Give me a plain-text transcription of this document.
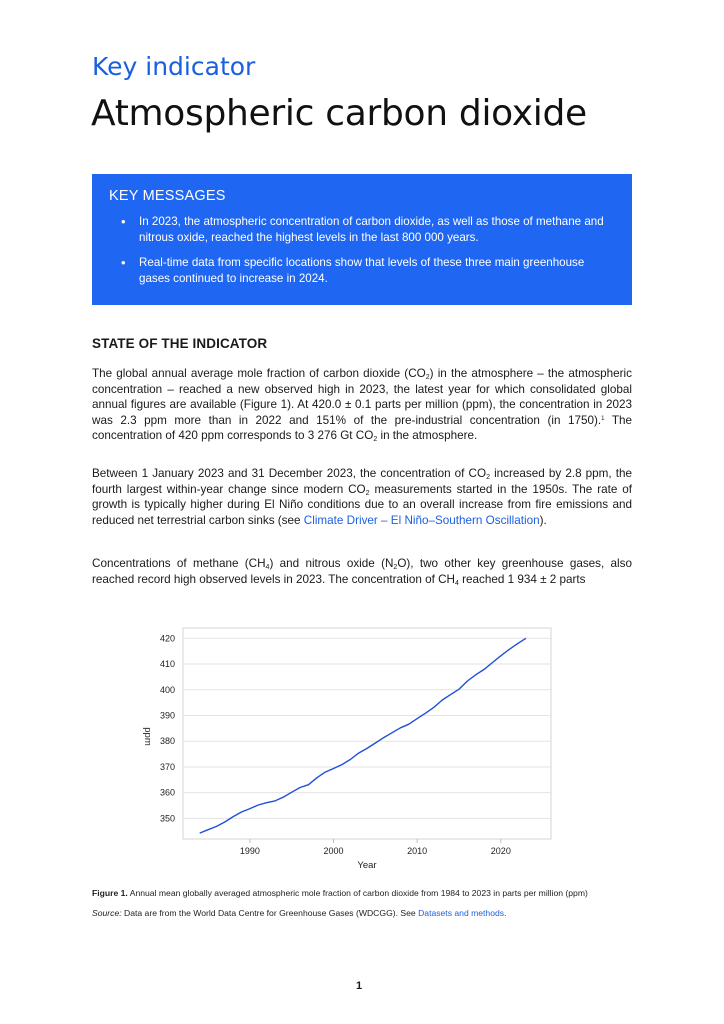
Key indicator
Atmospheric carbon dioxide
KEY MESSAGES
• In 2023, the atmospheric concentration of carbon dioxide, as well as those of methane and nitrous oxide, reached the highest levels in the last 800 000 years.
• Real-time data from specific locations show that levels of these three main greenhouse gases continued to increase in 2024.
STATE OF THE INDICATOR

The global annual average mole fraction of carbon dioxide $(CO_2)$ in the atmosphere – the atmospheric concentration – reached a new observed high in 2023, the latest year for which consolidated global annual figures are available (Figure 1). At 420.0 ± 0.1 parts per million (ppm), the concentration in 2023 was 2.3 ppm more than in 2022 and 151% of the pre-industrial concentration (in 1750).$^1$ The concentration of 420 ppm corresponds to 3 276 Gt $CO_2$ in the atmosphere.

Between 1 January 2023 and 31 December 2023, the concentration of $CO_2$ increased by 2.8 ppm, the fourth largest within-year change since modern $CO_2$ measurements started in the 1950s. The rate of growth is typically higher during El Niño conditions due to an overall increase from fire emissions and reduced net terrestrial carbon sinks (see Climate Driver – El Niño–Southern Oscillation).

Concentrations of methane $(CH_4)$ and nitrous oxide $(N_2O)$, two other key greenhouse gases, also reached record high observed levels in 2023. The concentration of $CH_4$ reached 1 934 ± 2 parts

350
360
370
380
390
400
410
420
1990	2000	2010	2020
Year
ppm
Figure 1. Annual mean globally averaged atmospheric mole fraction of carbon dioxide from 1984 to 2023 in parts per million (ppm)
Source: Data are from the World Data Centre for Greenhouse Gases (WDCGG). See Datasets and methods.
1
